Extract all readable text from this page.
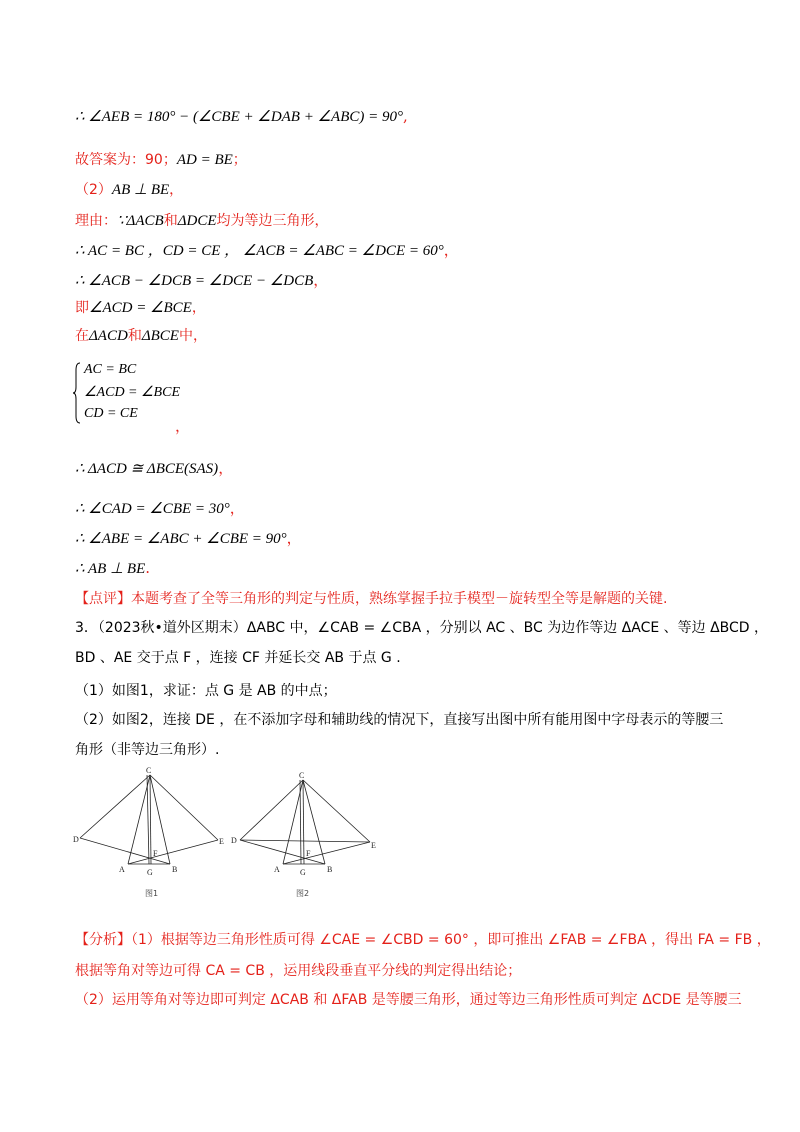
∴ ∠AEB = 180° − (∠CBE + ∠DAB + ∠ABC) = 90°,
故答案为：90；AD = BE；
（2）AB ⊥ BE，
理由：∵ΔACB和ΔDCE均为等边三角形，
∴ AC = BC ，CD = CE ， ∠ACB = ∠ABC = ∠DCE = 60°，
∴ ∠ACB − ∠DCB = ∠DCE − ∠DCB，
即∠ACD = ∠BCE，
在ΔACD和ΔBCE中，
AC = BC
∠ACD = ∠BCE
CD = CE
，
∴ ΔACD ≅ ΔBCE(SAS)，
∴ ∠CAD = ∠CBE = 30°，
∴ ∠ABE = ∠ABC + ∠CBE = 90°，
∴ AB ⊥ BE.
【点评】本题考查了全等三角形的判定与性质，熟练掌握手拉手模型－旋转型全等是解题的关键.
3．（2023秋•道外区期末）ΔABC 中，∠CAB = ∠CBA ，分别以 AC 、BC 为边作等边 ΔACE 、等边 ΔBCD ，
BD 、AE 交于点 F ，连接 CF 并延长交 AB 于点 G .
（1）如图1，求证：点 G 是 AB 的中点；
（2）如图2，连接 DE ，在不添加字母和辅助线的情况下，直接写出图中所有能用图中字母表示的等腰三
角形（非等边三角形）.
C
D	E
A	B
F
G
图1
C
D
E
A	B
F
G
图2
【分析】（1）根据等边三角形性质可得 ∠CAE = ∠CBD = 60° ，即可推出 ∠FAB = ∠FBA ，得出 FA = FB ，
根据等角对等边可得 CA = CB ，运用线段垂直平分线的判定得出结论；
（2）运用等角对等边即可判定 ΔCAB 和 ΔFAB 是等腰三角形，通过等边三角形性质可判定 ΔCDE 是等腰三
